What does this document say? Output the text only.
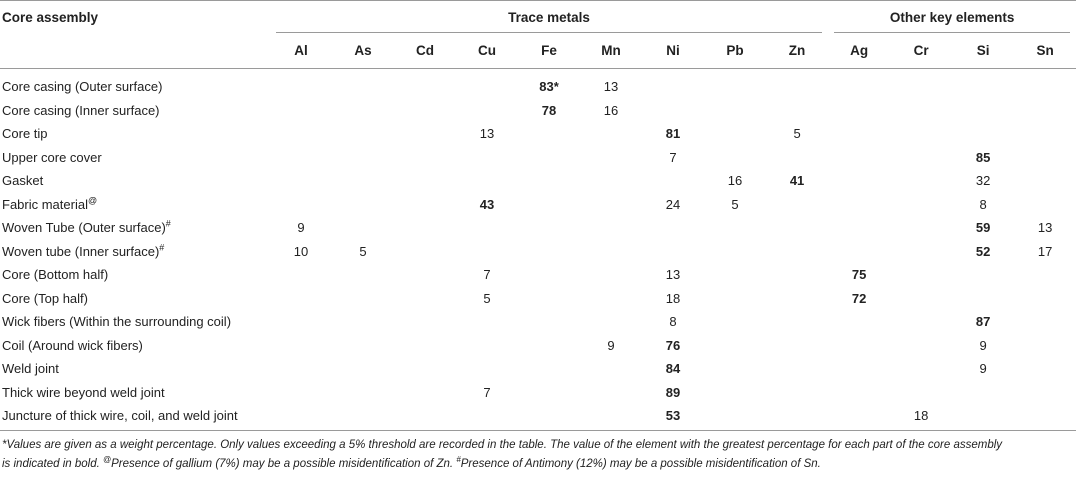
Core assembly	Trace metals									Other key elements			
	Al	As	Cd	Cu	Fe	Mn	Ni	Pb	Zn	Ag	Cr	Si	Sn

Core casing (Outer surface)					83*	13							
Core casing (Inner surface)					78	16							
Core tip				13			81		5				
Upper core cover							7					85	
Gasket								16	41			32	
Fabric material@				43			24	5				8	
Woven Tube (Outer surface)#	9											59	13
Woven tube (Inner surface)#	10	5										52	17
Core (Bottom half)				7			13			75			
Core (Top half)				5			18			72			
Wick fibers (Within the surrounding coil)							8					87	
Coil (Around wick fibers)						9	76					9	
Weld joint							84					9	
Thick wire beyond weld joint				7			89						
Juncture of thick wire, coil, and weld joint							53				18		
*Values are given as a weight percentage. Only values exceeding a 5% threshold are recorded in the table. The value of the element with the greatest percentage for each part of the core assembly is indicated in bold. @Presence of gallium (7%) may be a possible misidentification of Zn. #Presence of Antimony (12%) may be a possible misidentification of Sn.
